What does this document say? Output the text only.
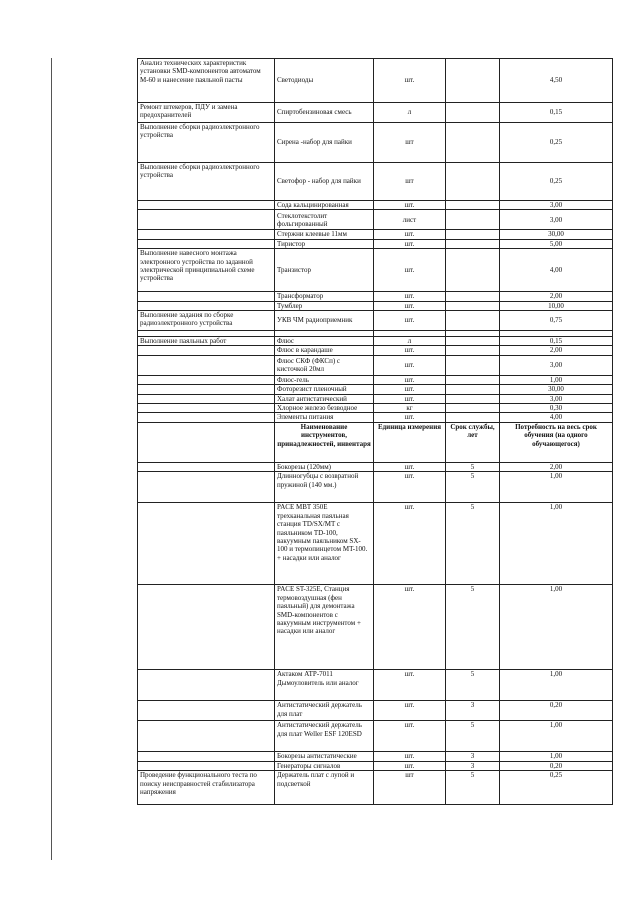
Анализ технических характеристик установки SMD-компонентов автоматом М-60 и нанесение паяльной пасты	Светодиоды	шт.		4,50
Ремонт штекеров, ПДУ и замена предохранителей	Спиртобензиновая смесь	л		0,15
Выполнение сборки радиоэлектронного устройства	Сирена -набор для пайки	шт		0,25
Выполнение сборки радиоэлектронного устройства	Светофор - набор для пайки	шт		0,25
	Сода кальцинированная	шт.		3,00
	Стеклотекстолит фольгированный	лист		3,00
	Стержни клеевые 11мм	шт.		30,00
	Тиристор	шт.		5,00
Выполнение навесного монтажа электронного устройства по заданной электрической принципиальной схеме устройства	Транзистор	шт.		4,00
	Трансформатор	шт.		2,00
	Тумблер	шт.		10,00
Выполнение задания по сборке радиоэлектронного устройства	УКВ ЧМ радиоприемник	шт.		0,75

Выполнение паяльных работ	Флюс	л		0,15
	Флюс в карандаше	шт.		2,00
	Флюс СКФ (ФКСп) с кисточкой 20мл	шт.		3,00
	Флюс-гель	шт.		1,00
	Фоторезист пленочный	шт.		30,00
	Халат антистатический	шт.		3,00
	Хлорное железо безводное	кг		0,30
	Элементы питания	шт.		4,00
	Наименование инструментов, принадлежностей, инвентаря	Единица измерения	Срок службы, лет	Потребность на весь срок обучения (на одного обучающегося)
	Бокорезы (120мм)	шт.	5	2,00
	Длинногубцы с возвратной пружиной (140 мм.)	шт.	5	1,00
	PACE MBT 350E трехканальная паяльная станция TD/SX/MT с паяльником TD-100, вакуумным паяльником SX-100 и термопинцетом MT-100. + насадки или аналог	шт.	5	1,00
	PACE ST-325E, Станция термовоздушная (фен паяльный) для демонтажа SMD-компонентов с вакуумным инструментом + насадки или аналог	шт.	5	1,00
	Актаком АТР-7011 Дымоуловитель или аналог	шт.	5	1,00
	Антистатический держатель для плат	шт.	3	0,20
	Антистатический держатель для плат Weller ESF 120ESD	шт.	5	1,00
	Бокорезы антистатические	шт.	3	1,00
	Генераторы сигналов	шт.	3	0,20
Проведение функционального теста по поиску неисправностей стабилизатора напряжения	Держатель плат с лупой и подсветкой	шт	5	0,25
